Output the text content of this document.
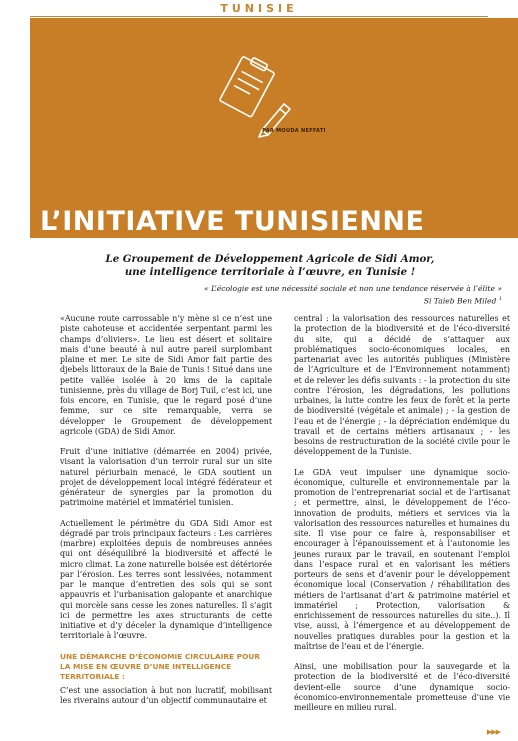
TUNISIE
PAR MOUDA NEFFATI
L’INITIATIVE TUNISIENNE
Le Groupement de Développement Agricole de Sidi Amor,
une intelligence territoriale à l’œuvre, en Tunisie !
« L’écologie est une nécessité sociale et non une tendance réservée à l’élite »
Si Taieb Ben Miled $^1$

«Aucune route carrossable n’y mène si ce n’est une piste cahoteuse et accidentée serpentant parmi les champs d’oliviers». Le lieu est désert et solitaire mais d’une beauté à nul autre pareil surplombant plaine et mer. Le site de Sidi Amor fait partie des djebels littoraux de la Baie de Tunis ! Situé dans une petite vallée isolée à 20 kms de la capitale tunisienne, près du village de Borj Tuil, c’est ici, une fois encore, en Tunisie, que le regard posé d’une femme, sur ce site remarquable, verra se développer le Groupement de développement agricole (GDA) de Sidi Amor.

Fruit d’une initiative (démarrée en 2004) privée, visant la valorisation d’un terroir rural sur un site naturel périurbain menacé, le GDA soutient un projet de développement local intégré fédérateur et générateur de synergies par la promotion du patrimoine matériel et immatériel tunisien.

Actuellement le périmètre du GDA Sidi Amor est dégradé par trois principaux facteurs : Les carrières (marbre) exploitées depuis de nombreuses années qui ont déséquilibré la biodiversité et affecté le micro climat. La zone naturelle boisée est détériorée par l’érosion. Les terres sont lessivées, notamment par le manque d’entretien des sols qui se sont appauvris et l’urbanisation galopante et anarchique qui morcèle sans cesse les zones naturelles. Il s’agit ici de permettre les axes structurants de cette initiative et d’y déceler la dynamique d’intelligence territoriale à l’œuvre.

UNE DÉMARCHE D’ÉCONOMIE CIRCULAIRE POUR LA MISE EN ŒUVRE D’UNE INTELLIGENCE TERRITORIALE :

C’est une association à but non lucratif, mobilisant les riverains autour d’un objectif communautaire et

central : la valorisation des ressources naturelles et la protection de la biodiversité et de l’éco-diversité du site, qui a décidé de s’attaquer aux problématiques socio-économiques locales, en partenariat avec les autorités publiques (Ministère de l’Agriculture et de l’Environnement notamment) et de relever les défis suivants : - la protection du site contre l’érosion, les dégradations, les pollutions urbaines, la lutte contre les feux de forêt et la perte de biodiversité (végétale et animale) ; - la gestion de l’eau et de l’énergie ; - la dépréciation endémique du travail et de certains métiers artisanaux ; - les besoins de restructuration de la société civile pour le développement de la Tunisie.

Le GDA veut impulser une dynamique socio-économique, culturelle et environnementale par la promotion de l’entreprenariat social et de l’artisanat ; et permettre, ainsi, le développement de l’éco-innovation de produits, métiers et services via la valorisation des ressources naturelles et humaines du site. Il vise pour ce faire à, responsabiliser et encourager à l’épanouissement et à l’autonomie les jeunes ruraux par le travail, en soutenant l’emploi dans l’espace rural et en valorisant les métiers porteurs de sens et d’avenir pour le développement économique local (Conservation / réhabilitation des métiers de l’artisanat d’art & patrimoine matériel et immatériel ; Protection, valorisation & enrichissement de ressources naturelles du site..). Il vise, aussi, à l’émergence et au développement de nouvelles pratiques durables pour la gestion et la maîtrise de l’eau et de l’énergie.

Ainsi, une mobilisation pour la sauvegarde et la protection de la biodiversité et de l’éco-diversité devient-elle source d’une dynamique socio-économico-environnementale prometteuse d’une vie meilleure en milieu rural.

▶▶▶
